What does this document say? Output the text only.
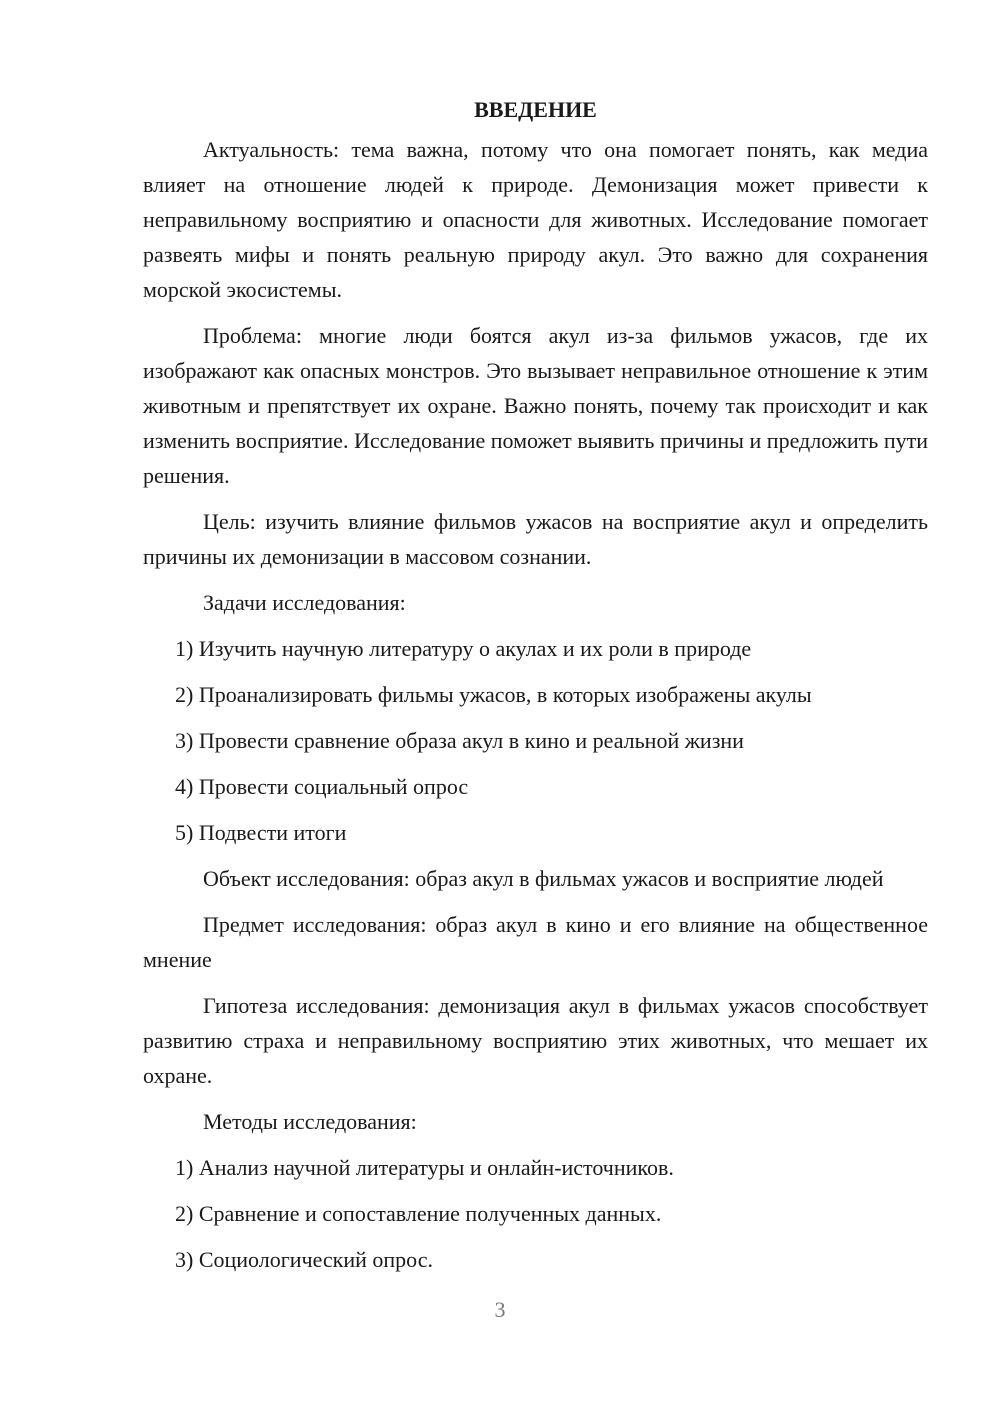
ВВЕДЕНИЕ

Актуальность: тема важна, потому что она помогает понять, как медиа влияет на отношение людей к природе. Демонизация может привести к неправильному восприятию и опасности для животных. Исследование помогает развеять мифы и понять реальную природу акул. Это важно для сохранения морской экосистемы.

Проблема: многие люди боятся акул из-за фильмов ужасов, где их изображают как опасных монстров. Это вызывает неправильное отношение к этим животным и препятствует их охране. Важно понять, почему так происходит и как изменить восприятие. Исследование поможет выявить причины и предложить пути решения.

Цель: изучить влияние фильмов ужасов на восприятие акул и определить причины их демонизации в массовом сознании.

Задачи исследования:

1) Изучить научную литературу о акулах и их роли в природе

2) Проанализировать фильмы ужасов, в которых изображены акулы

3) Провести сравнение образа акул в кино и реальной жизни

4) Провести социальный опрос

5) Подвести итоги

Объект исследования: образ акул в фильмах ужасов и восприятие людей

Предмет исследования: образ акул в кино и его влияние на общественное мнение

Гипотеза исследования: демонизация акул в фильмах ужасов способствует развитию страха и неправильному восприятию этих животных, что мешает их охране.

Методы исследования:

1) Анализ научной литературы и онлайн-источников.

2) Сравнение и сопоставление полученных данных.

3) Социологический опрос.

3
